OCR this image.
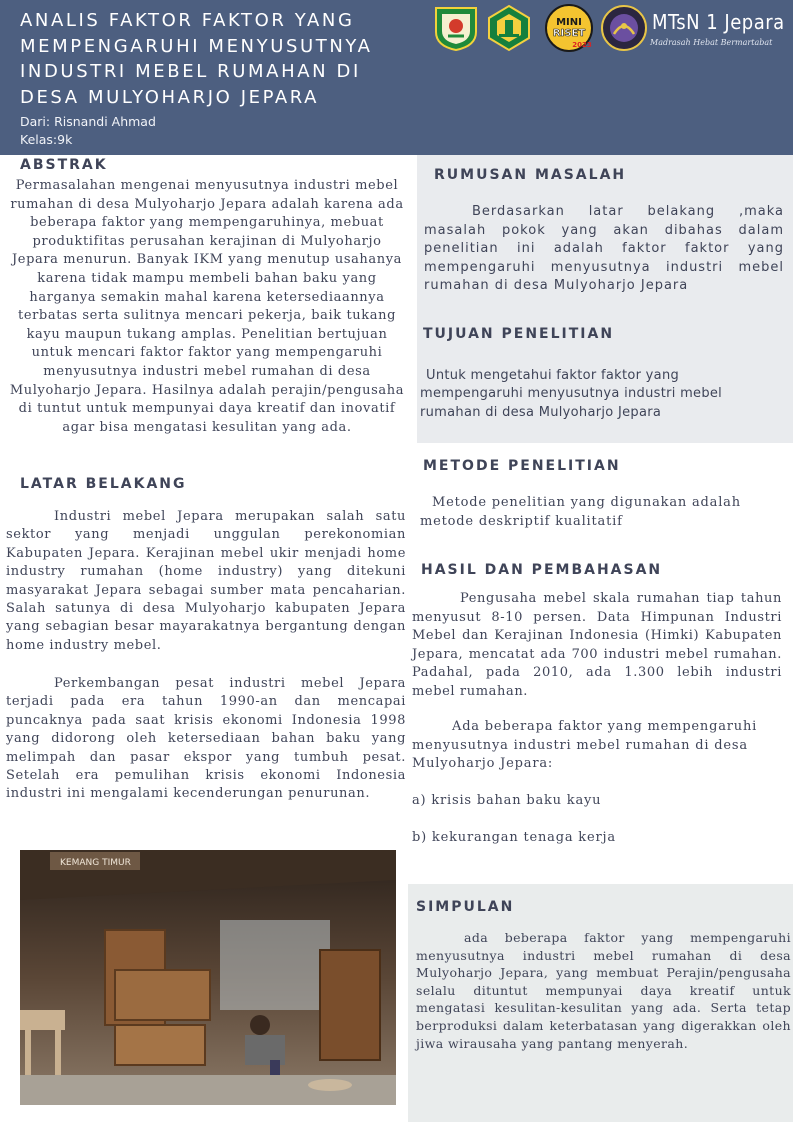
ANALIS FAKTOR FAKTOR YANG MEMPENGARUHI MENYUSUTNYA INDUSTRI MEBEL RUMAHAN DI DESA MULYOHARJO JEPARA
Dari: Risnandi Ahmad
Kelas:9k
MINI
RISET
2023
MTsN 1 Jepara
Madrasah Hebat Bermartabat
ABSTRAK
Permasalahan mengenai menyusutnya industri mebel rumahan di desa Mulyoharjo Jepara adalah karena ada beberapa faktor yang mempengaruhinya, mebuat produktifitas perusahan kerajinan di Mulyoharjo Jepara menurun. Banyak IKM yang menutup usahanya karena tidak mampu membeli bahan baku yang harganya semakin mahal karena ketersediaannya terbatas serta sulitnya mencari pekerja, baik tukang kayu maupun tukang amplas. Penelitian bertujuan untuk mencari faktor faktor yang mempengaruhi menyusutnya industri mebel rumahan di desa Mulyoharjo Jepara. Hasilnya adalah perajin/pengusaha di tuntut untuk mempunyai daya kreatif dan inovatif agar bisa mengatasi kesulitan yang ada.
LATAR BELAKANG
Industri mebel Jepara merupakan salah satu sektor yang menjadi unggulan perekonomian Kabupaten Jepara. Kerajinan mebel ukir menjadi home industry rumahan (home industry) yang ditekuni masyarakat Jepara sebagai sumber mata pencaharian. Salah satunya di desa Mulyoharjo kabupaten Jepara yang sebagian besar mayarakatnya bergantung dengan home industry mebel.
Perkembangan pesat industri mebel Jepara terjadi pada era tahun 1990-an dan mencapai puncaknya pada saat krisis ekonomi Indonesia 1998 yang didorong oleh ketersediaan bahan baku yang melimpah dan pasar ekspor yang tumbuh pesat. Setelah era pemulihan krisis ekonomi Indonesia industri ini mengalami kecenderungan penurunan.
KEMANG TIMUR
RUMUSAN MASALAH
Berdasarkan latar belakang ,maka masalah pokok yang akan dibahas dalam penelitian ini adalah faktor faktor yang mempengaruhi menyusutnya industri mebel rumahan di desa Mulyoharjo Jepara
TUJUAN PENELITIAN
Untuk mengetahui faktor faktor yang mempengaruhi menyusutnya industri mebel rumahan di desa Mulyoharjo Jepara
METODE PENELITIAN
Metode penelitian yang digunakan adalah metode deskriptif kualitatif
HASIL DAN PEMBAHASAN
Pengusaha mebel skala rumahan tiap tahun menyusut 8-10 persen. Data Himpunan Industri Mebel dan Kerajinan Indonesia (Himki) Kabupaten Jepara, mencatat ada 700 industri mebel rumahan. Padahal, pada 2010, ada 1.300 lebih industri mebel rumahan.
Ada beberapa faktor yang mempengaruhi menyusutnya industri mebel rumahan di desa Mulyoharjo Jepara:
a) krisis bahan baku kayu
b) kekurangan tenaga kerja
SIMPULAN
ada beberapa faktor yang mempengaruhi menyusutnya industri mebel rumahan di desa Mulyoharjo Jepara, yang membuat Perajin/pengusaha selalu dituntut mempunyai daya kreatif untuk mengatasi kesulitan-kesulitan yang ada. Serta tetap berproduksi dalam keterbatasan yang digerakkan oleh jiwa wirausaha yang pantang menyerah.
